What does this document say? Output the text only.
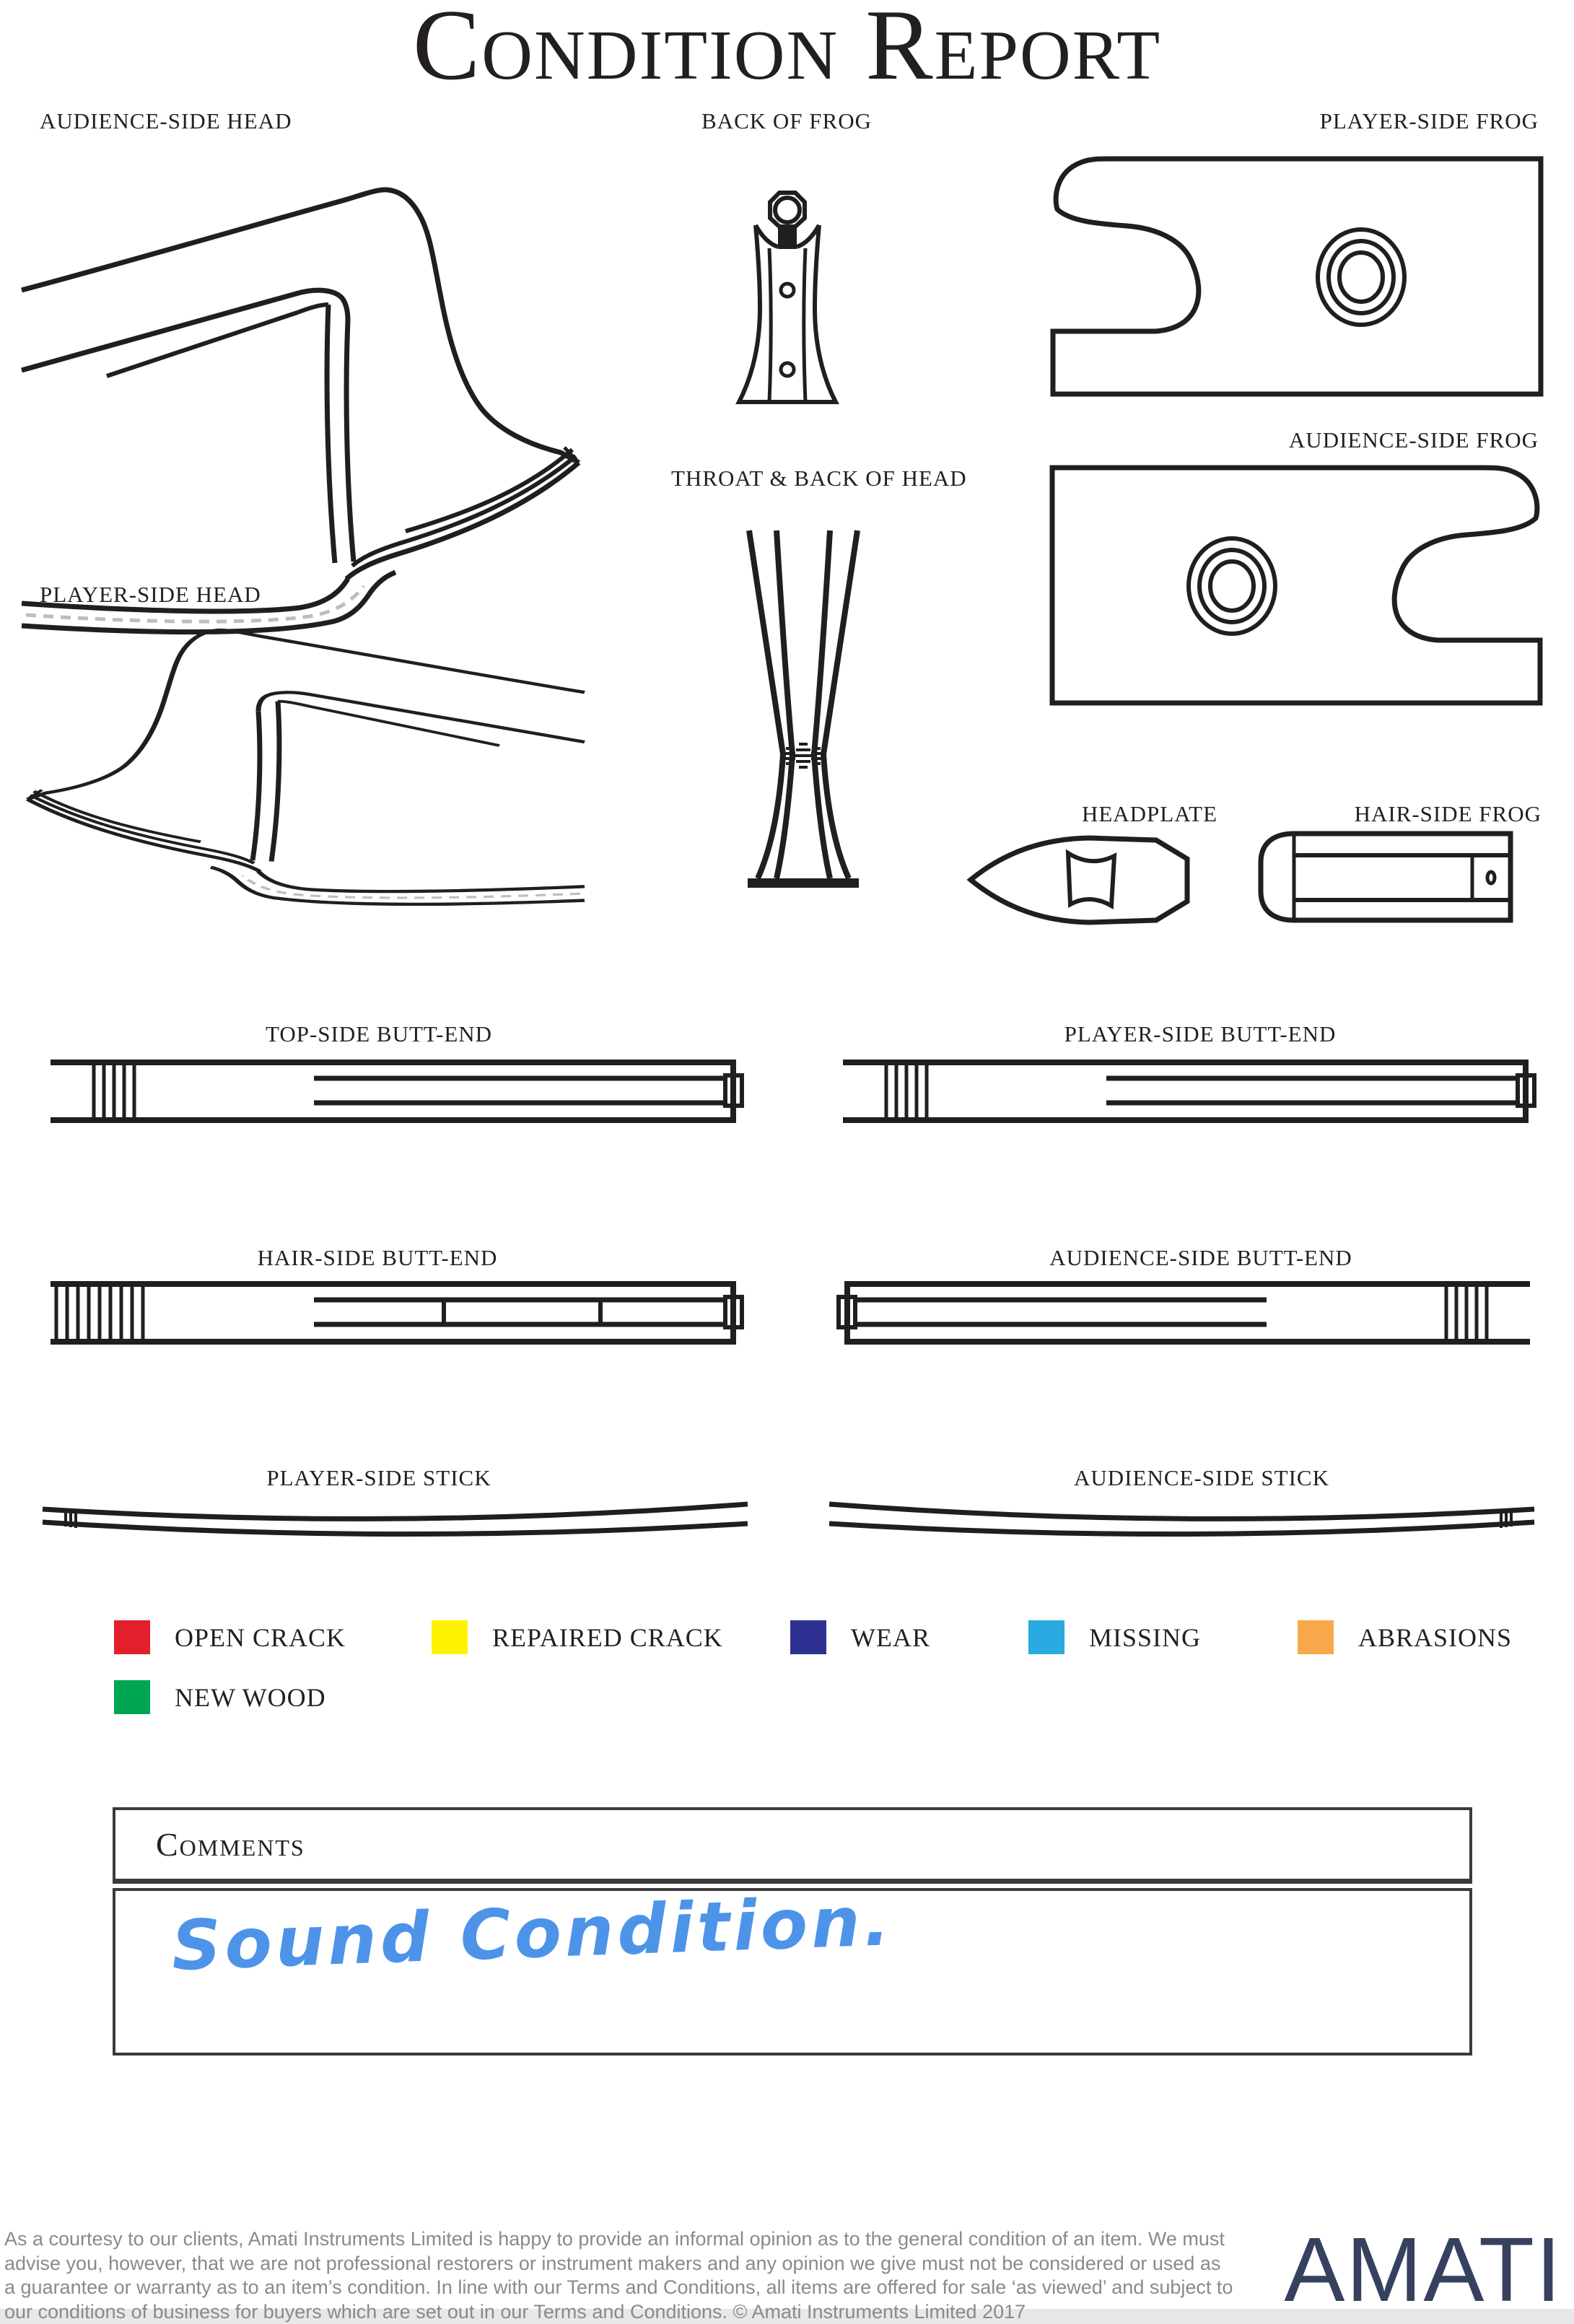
Condition Report
AUDIENCE-SIDE HEAD	BACK OF FROG	PLAYER-SIDE FROG
AUDIENCE-SIDE FROG
PLAYER-SIDE HEAD
THROAT & BACK OF HEAD
HEADPLATE	HAIR-SIDE FROG
TOP-SIDE BUTT-END	PLAYER-SIDE BUTT-END
HAIR-SIDE BUTT-END	AUDIENCE-SIDE BUTT-END
PLAYER-SIDE STICK	AUDIENCE-SIDE STICK
OPEN CRACK	REPAIRED CRACK	WEAR	MISSING	ABRASIONS
NEW WOOD
Comments
Sound Condition.
As a courtesy to our clients, Amati Instruments Limited is happy to provide an informal opinion as to the general condition of an item. We must
advise you, however, that we are not professional restorers or instrument makers and any opinion we give must not be considered or used as
a guarantee or warranty as to an item’s condition. In line with our Terms and Conditions, all items are offered for sale ‘as viewed’ and subject to
our conditions of business for buyers which are set out in our Terms and Conditions. © Amati Instruments Limited 2017	AMATI
